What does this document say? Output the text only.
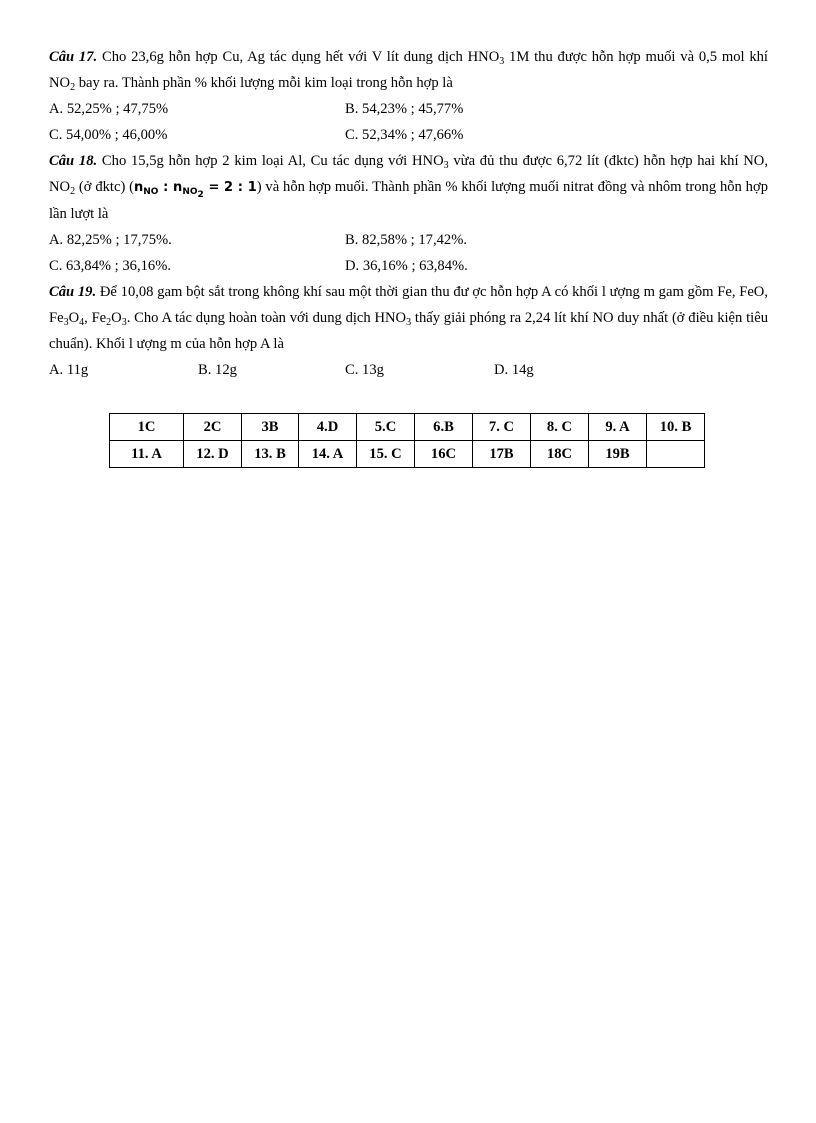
Câu 17. Cho 23,6g hỗn hợp Cu, Ag tác dụng hết với V lít dung dịch $HNO_3$ 1M thu được hỗn hợp muối và 0,5 mol khí $NO_2$ bay ra. Thành phần % khối lượng mỗi kim loại trong hỗn hợp là

A. 52,25% ; 47,75%	B. 54,23% ; 45,77%
C. 54,00% ; 46,00%	C. 52,34% ; 47,66%

Câu 18. Cho 15,5g hỗn hợp 2 kim loại Al, Cu tác dụng với $HNO_3$ vừa đủ thu được 6,72 lít (đktc) hỗn hợp hai khí NO, $NO_2$ (ở đktc) ($n_{NO}$ : $n_{NO_2} = 2$ : 1) và hỗn hợp muối. Thành phần % khối lượng muối nitrat đồng và nhôm trong hỗn hợp lần lượt là

A. 82,25% ; 17,75%.	B. 82,58% ; 17,42%.
C. 63,84% ; 36,16%.	D. 36,16% ; 63,84%.

Câu 19. Để 10,08 gam bột sắt trong không khí sau một thời gian thu đư ợc hỗn hợp A có khối l ượng m gam gồm Fe, FeO, $Fe_3O_4$, $Fe_2O_3$. Cho A tác dụng hoàn toàn với dung dịch $HNO_3$ thấy giải phóng ra 2,24 lít khí NO duy nhất (ở điều kiện tiêu chuẩn). Khối l ượng m của hỗn hợp A là

A. 11g	B. 12g	C. 13g	D. 14g
1C	2C	3B	4.D	5.C	6.B	7. C	8. C	9. A	10. B
11. A	12. D	13. B	14. A	15. C	16C	17B	18C	19B	
